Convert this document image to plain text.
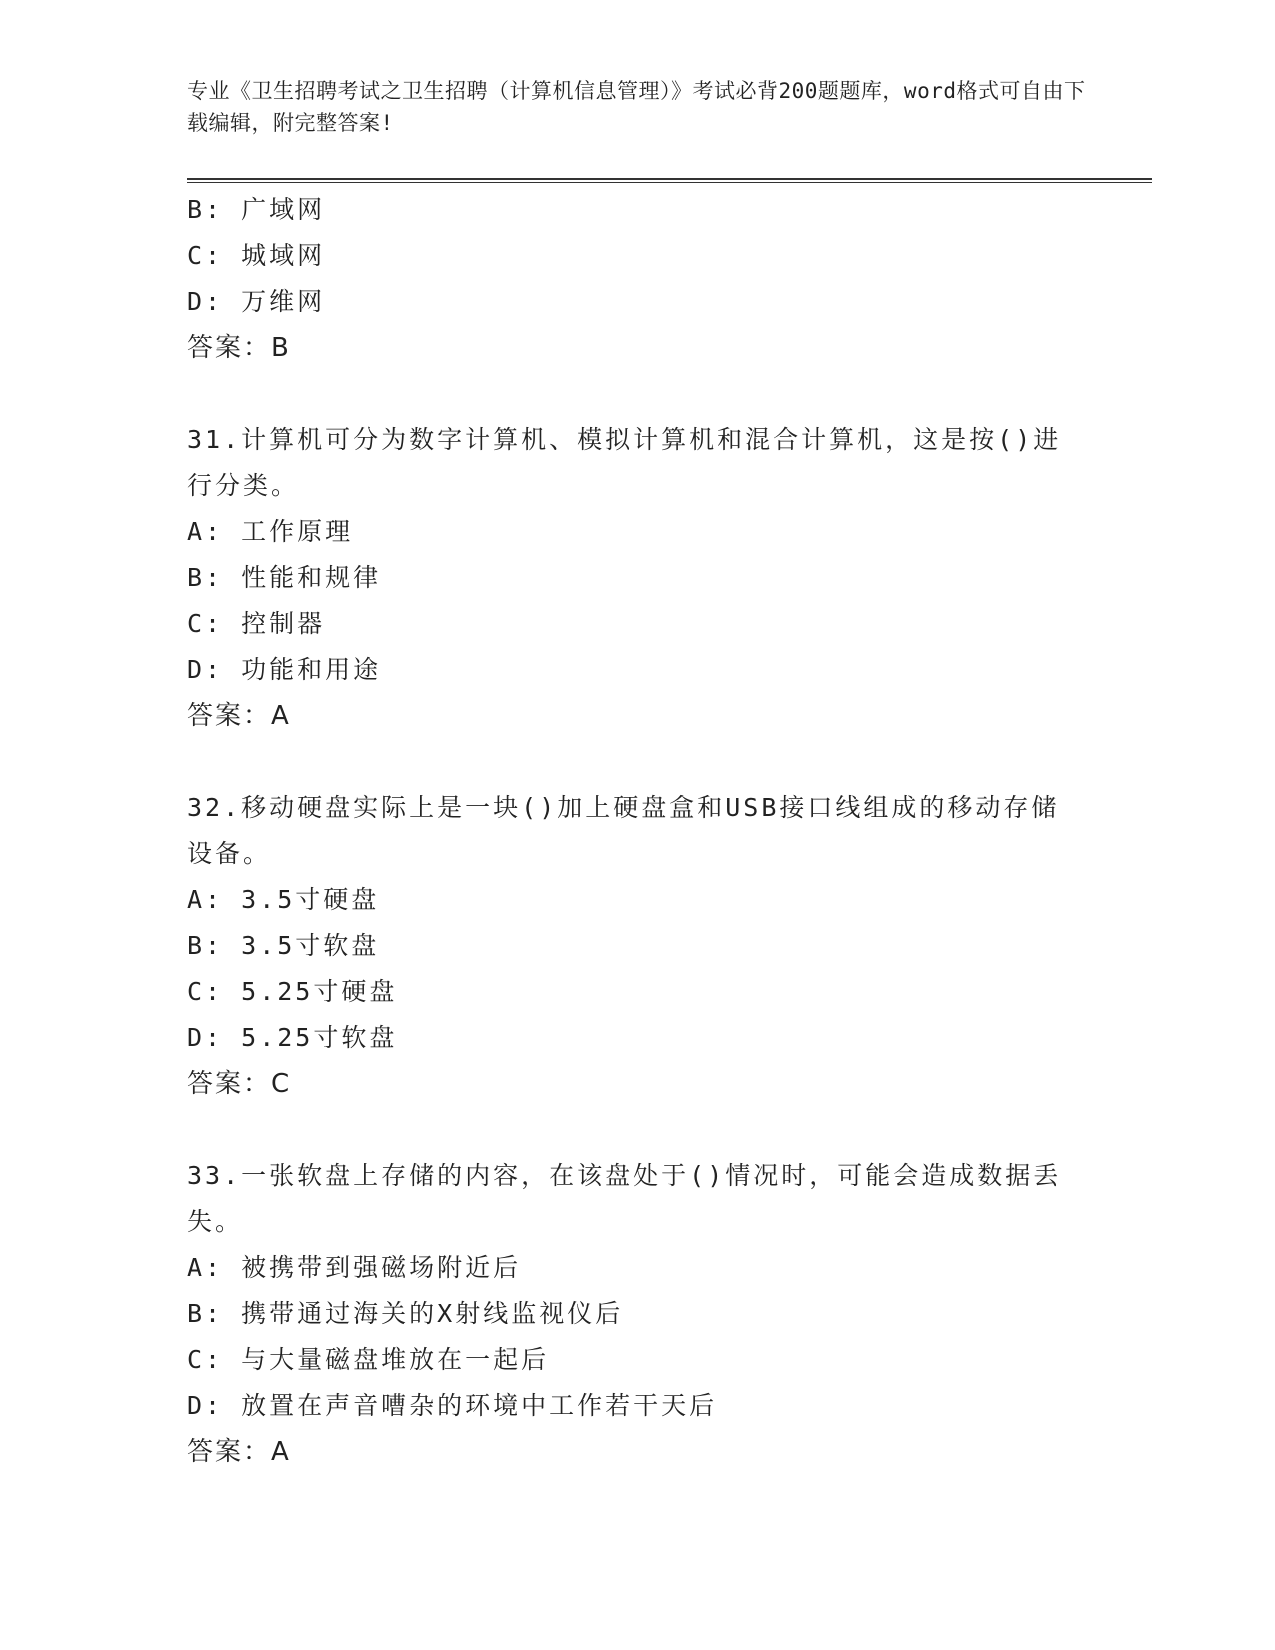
专业《卫生招聘考试之卫生招聘（计算机信息管理）》考试必背200题题库，word格式可自由下载编辑，附完整答案!
B: 广域网
C: 城域网
D: 万维网
答案：B
31.计算机可分为数字计算机、模拟计算机和混合计算机，这是按()进行分类。
A: 工作原理
B: 性能和规律
C: 控制器
D: 功能和用途
答案：A
32.移动硬盘实际上是一块()加上硬盘盒和USB接口线组成的移动存储设备。
A: 3.5寸硬盘
B: 3.5寸软盘
C: 5.25寸硬盘
D: 5.25寸软盘
答案：C
33.一张软盘上存储的内容，在该盘处于()情况时，可能会造成数据丢失。
A: 被携带到强磁场附近后
B: 携带通过海关的X射线监视仪后
C: 与大量磁盘堆放在一起后
D: 放置在声音嘈杂的环境中工作若干天后
答案：A
